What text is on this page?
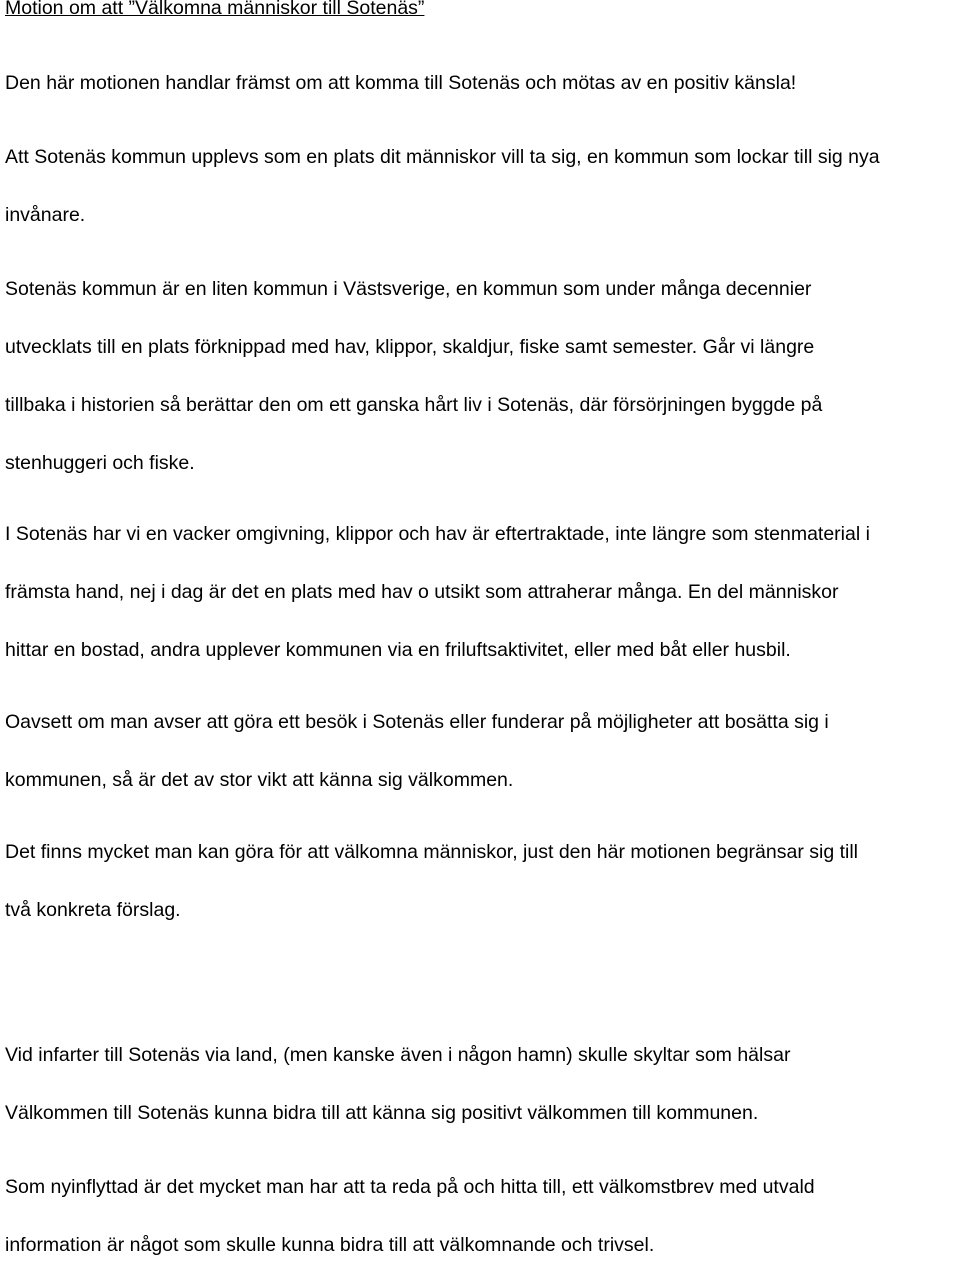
Motion om att ”Välkomna människor till Sotenäs”
Den här motionen handlar främst om att komma till Sotenäs och mötas av en positiv känsla!
Att Sotenäs kommun upplevs som en plats dit människor vill ta sig, en kommun som lockar till sig nya
invånare.
Sotenäs kommun är en liten kommun i Västsverige, en kommun som under många decennier
utvecklats till en plats förknippad med hav, klippor, skaldjur, fiske samt semester. Går vi längre
tillbaka i historien så berättar den om ett ganska hårt liv i Sotenäs, där försörjningen byggde på
stenhuggeri och fiske.
I Sotenäs har vi en vacker omgivning, klippor och hav är eftertraktade, inte längre som stenmaterial i
främsta hand, nej i dag är det en plats med hav o utsikt som attraherar många. En del människor
hittar en bostad, andra upplever kommunen via en friluftsaktivitet, eller med båt eller husbil.
Oavsett om man avser att göra ett besök i Sotenäs eller funderar på möjligheter att bosätta sig i
kommunen, så är det av stor vikt att känna sig välkommen.
Det finns mycket man kan göra för att välkomna människor, just den här motionen begränsar sig till
två konkreta förslag.
Vid infarter till Sotenäs via land, (men kanske även i någon hamn) skulle skyltar som hälsar
Välkommen till Sotenäs kunna bidra till att känna sig positivt välkommen till kommunen.
Som nyinflyttad är det mycket man har att ta reda på och hitta till, ett välkomstbrev med utvald
information är något som skulle kunna bidra till att välkomnande och trivsel.
